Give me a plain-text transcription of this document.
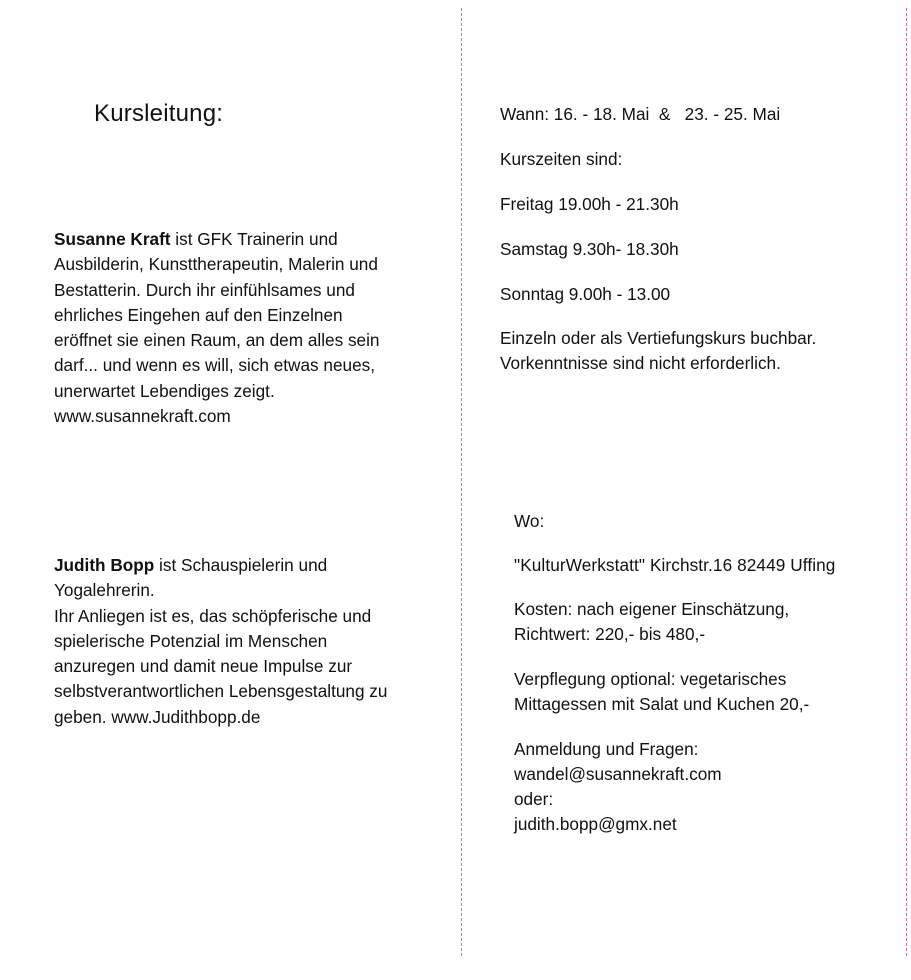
Kursleitung:

Susanne Kraft ist GFK Trainerin und
Ausbilderin, Kunsttherapeutin, Malerin und
Bestatterin. Durch ihr einfühlsames und
ehrliches Eingehen auf den Einzelnen
eröffnet sie einen Raum, an dem alles sein
darf... und wenn es will, sich etwas neues,
unerwartet Lebendiges zeigt.
www.susannekraft.com

Judith Bopp ist Schauspielerin und
Yogalehrerin.
Ihr Anliegen ist es, das schöpferische und
spielerische Potenzial im Menschen
anzuregen und damit neue Impulse zur
selbstverantwortlichen Lebensgestaltung zu
geben. www.Judithbopp.de

Wann: 16. - 18. Mai  &   23. - 25. Mai

Kurszeiten sind:

Freitag 19.00h - 21.30h

Samstag 9.30h- 18.30h

Sonntag 9.00h - 13.00

Einzeln oder als Vertiefungskurs buchbar.
Vorkenntnisse sind nicht erforderlich.

Wo:

"KulturWerkstatt" Kirchstr.16 82449 Uffing

Kosten: nach eigener Einschätzung,
Richtwert: 220,- bis 480,-

Verpflegung optional: vegetarisches
Mittagessen mit Salat und Kuchen 20,-

Anmeldung und Fragen:
wandel@susannekraft.com
oder:
judith.bopp@gmx.net
